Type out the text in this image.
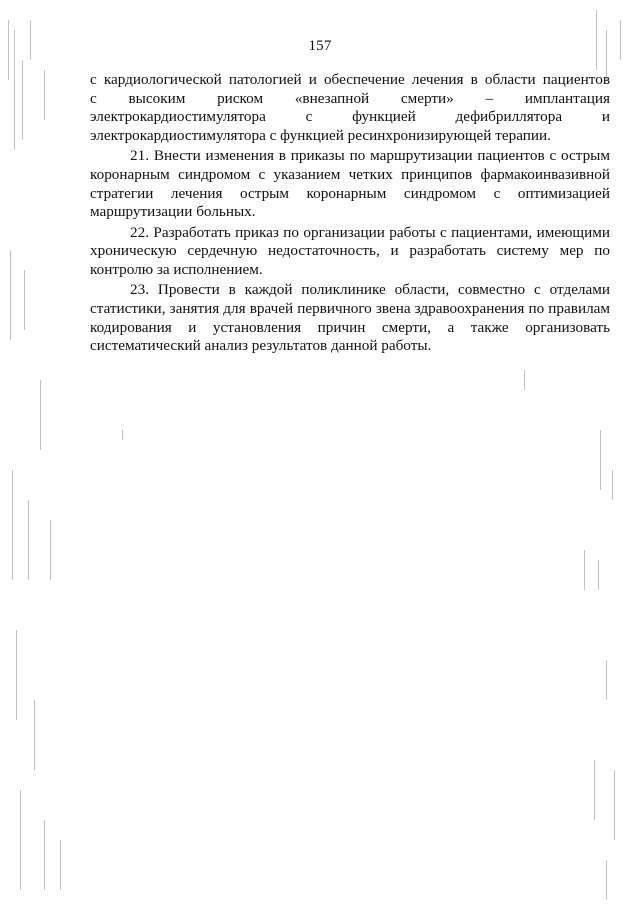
157
с кардиологической патологией и обеспечение лечения в области пациентов
с высоким риском «внезапной смерти» – имплантация
электрокардиостимулятора с функцией дефибриллятора и
электрокардиостимулятора с функцией ресинхронизирующей терапии.
21. Внести изменения в приказы по маршрутизации пациентов с острым
коронарным синдромом с указанием четких принципов фармакоинвазивной
стратегии лечения острым коронарным синдромом с оптимизацией
маршрутизации больных.
22. Разработать приказ по организации работы с пациентами, имеющими
хроническую сердечную недостаточность, и разработать систему мер по
контролю за исполнением.
23. Провести в каждой поликлинике области, совместно с отделами
статистики, занятия для врачей первичного звена здравоохранения по правилам
кодирования и установления причин смерти, а также организовать
систематический анализ результатов данной работы.
